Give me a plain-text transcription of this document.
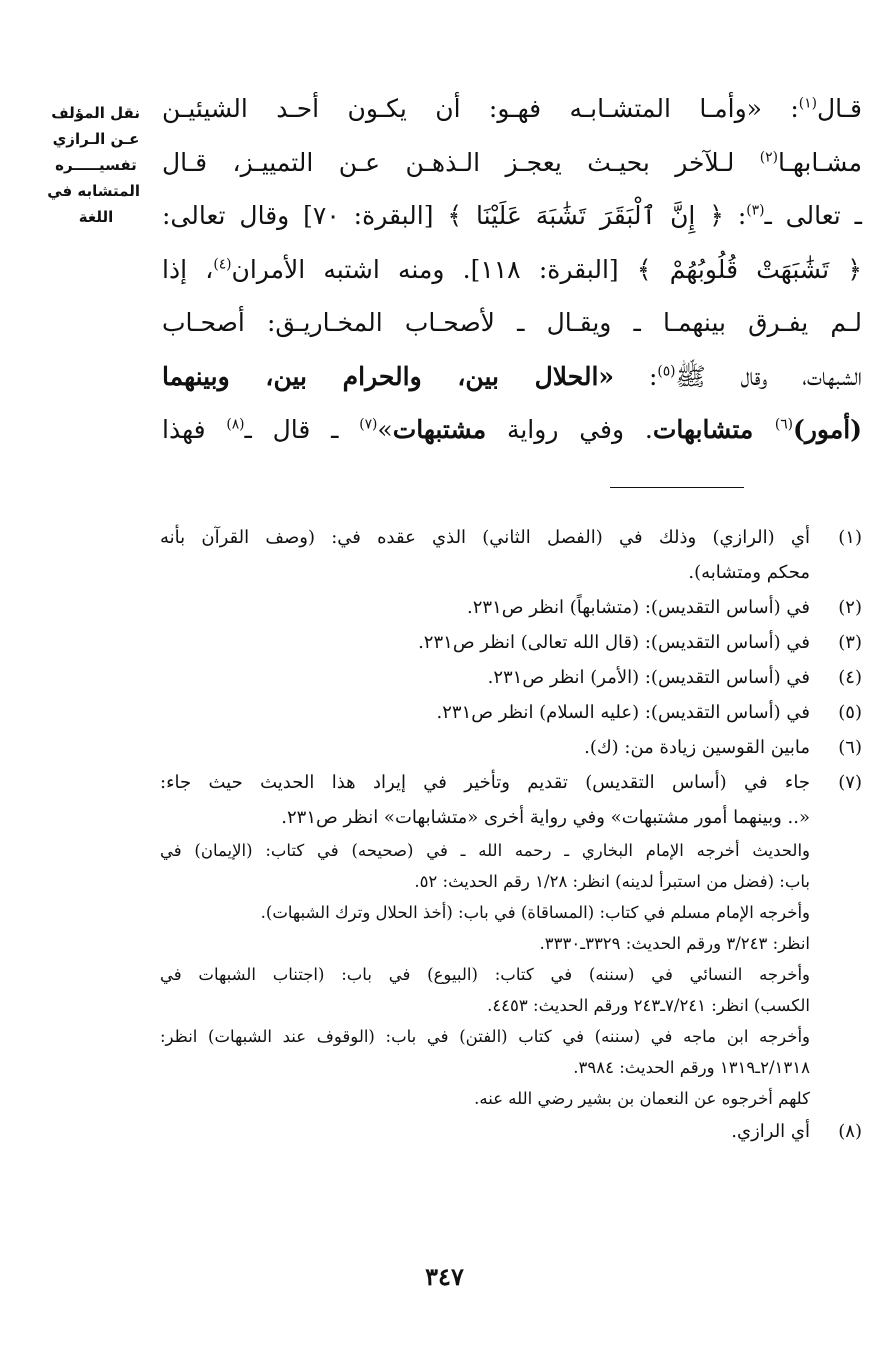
نقل المؤلف
عـن الـرازي
تفسيـــــره
المتشابه في
اللغة
قـال$^{(١)}$: «وأمـا المتشـابـه فهـو: أن يكـون أحـد الشيئيـن
مشـابهـا$^{(٢)}$ لـلآخر بحيـث يعجـز الـذهـن عـن التمييـز، قـال
ـ تعالى ـ$^{(٣)}$: ﴿ إِنَّ ٱلْبَقَرَ تَشَٰبَهَ عَلَيْنَا ﴾ [البقرة: ٧٠] وقال تعالى:
﴿ تَشَٰبَهَتْ قُلُوبُهُمْ ﴾ [البقرة: ١١٨]. ومنه اشتبه الأمران$^{(٤)}$، إذا
لـم يفـرق بينهمـا ـ ويقـال ـ لأصحـاب المخـاريـق: أصحـاب
الشبهات، وقال ﷺ$^{(٥)}$: «الحلال بين، والحرام بين، وبينهما
(أمور)$^{(٦)}$ متشابهات. وفي رواية مشتبهات»$^{(٧)}$ ـ قال ـ$^{(٨)}$ فهذا
(١)
أي (الرازي) وذلك في (الفصل الثاني) الذي عقده في: (وصف القرآن بأنه
محكم ومتشابه).
(٢)
في (أساس التقديس): (متشابهاً) انظر ص٢٣١.
(٣)
في (أساس التقديس): (قال الله تعالى) انظر ص٢٣١.
(٤)
في (أساس التقديس): (الأمر) انظر ص٢٣١.
(٥)
في (أساس التقديس): (عليه السلام) انظر ص٢٣١.
(٦)
مابين القوسين زيادة من: (ك).
(٧)
جاء في (أساس التقديس) تقديم وتأخير في إيراد هذا الحديث حيث جاء:
«.. وبينهما أمور مشتبهات» وفي رواية أخرى «متشابهات» انظر ص٢٣١.
والحديث أخرجه الإمام البخاري ـ رحمه الله ـ في (صحيحه) في كتاب: (الإيمان) في
باب: (فضل من استبرأ لدينه) انظر: ١/٢٨ رقم الحديث: ٥٢.
وأخرجه الإمام مسلم في كتاب: (المساقاة) في باب: (أخذ الحلال وترك الشبهات).
انظر: ٣/٢٤٣ ورقم الحديث: ٣٣٢٩ـ٣٣٣٠.
وأخرجه النسائي في (سننه) في كتاب: (البيوع) في باب: (اجتناب الشبهات في
الكسب) انظر: ٧/٢٤١ـ٢٤٣ ورقم الحديث: ٤٤٥٣.
وأخرجه ابن ماجه في (سننه) في كتاب (الفتن) في باب: (الوقوف عند الشبهات) انظر:
٢/١٣١٨ـ١٣١٩ ورقم الحديث: ٣٩٨٤.
كلهم أخرجوه عن النعمان بن بشير رضي الله عنه.
(٨)
أي الرازي.
٣٤٧
